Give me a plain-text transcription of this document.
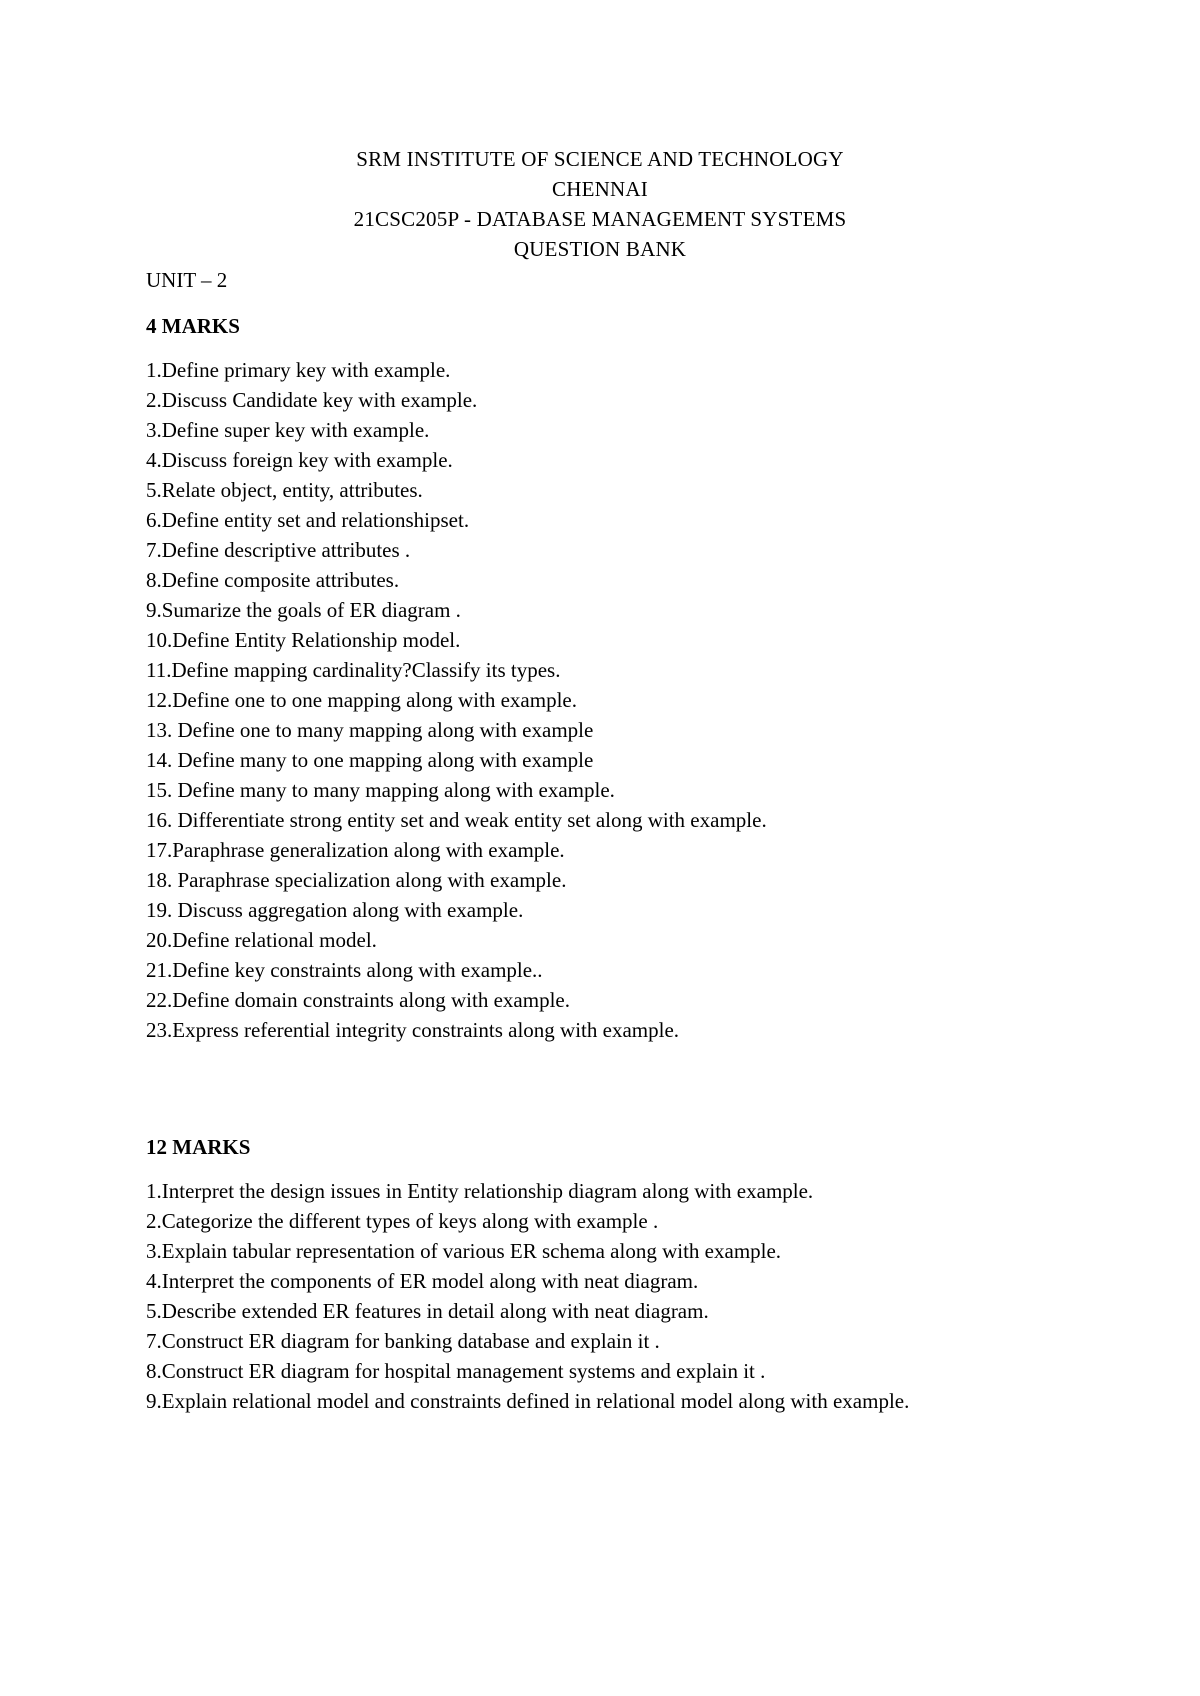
SRM INSTITUTE OF SCIENCE AND TECHNOLOGY
CHENNAI
21CSC205P - DATABASE MANAGEMENT SYSTEMS
QUESTION BANK
UNIT – 2
4 MARKS
1.Define primary key with example.
2.Discuss Candidate key with example.
3.Define super key with example.
4.Discuss foreign key with example.
5.Relate object, entity, attributes.
6.Define entity set and relationshipset.
7.Define descriptive attributes .
8.Define composite attributes.
9.Sumarize the goals of ER diagram .
10.Define Entity Relationship model.
11.Define mapping cardinality?Classify its types.
12.Define one to one mapping along with example.
13. Define one to many mapping along with example
14. Define many to one mapping along with example
15. Define many to many mapping along with example.
16. Differentiate strong entity set and weak entity set along with example.
17.Paraphrase generalization along with example.
18. Paraphrase specialization along with example.
19. Discuss aggregation along with example.
20.Define relational model.
21.Define key constraints along with example..
22.Define domain constraints along with example.
23.Express referential integrity constraints along with example.
12 MARKS
1.Interpret the design issues in Entity relationship diagram along with example.
2.Categorize the different types of keys along with example .
3.Explain tabular representation of various ER schema along with example.
4.Interpret the components of ER model along with neat diagram.
5.Describe extended ER features in detail along with neat diagram.
7.Construct ER diagram for banking database and explain it .
8.Construct ER diagram for hospital management systems and explain it .
9.Explain relational model and constraints defined in relational model along with example.
